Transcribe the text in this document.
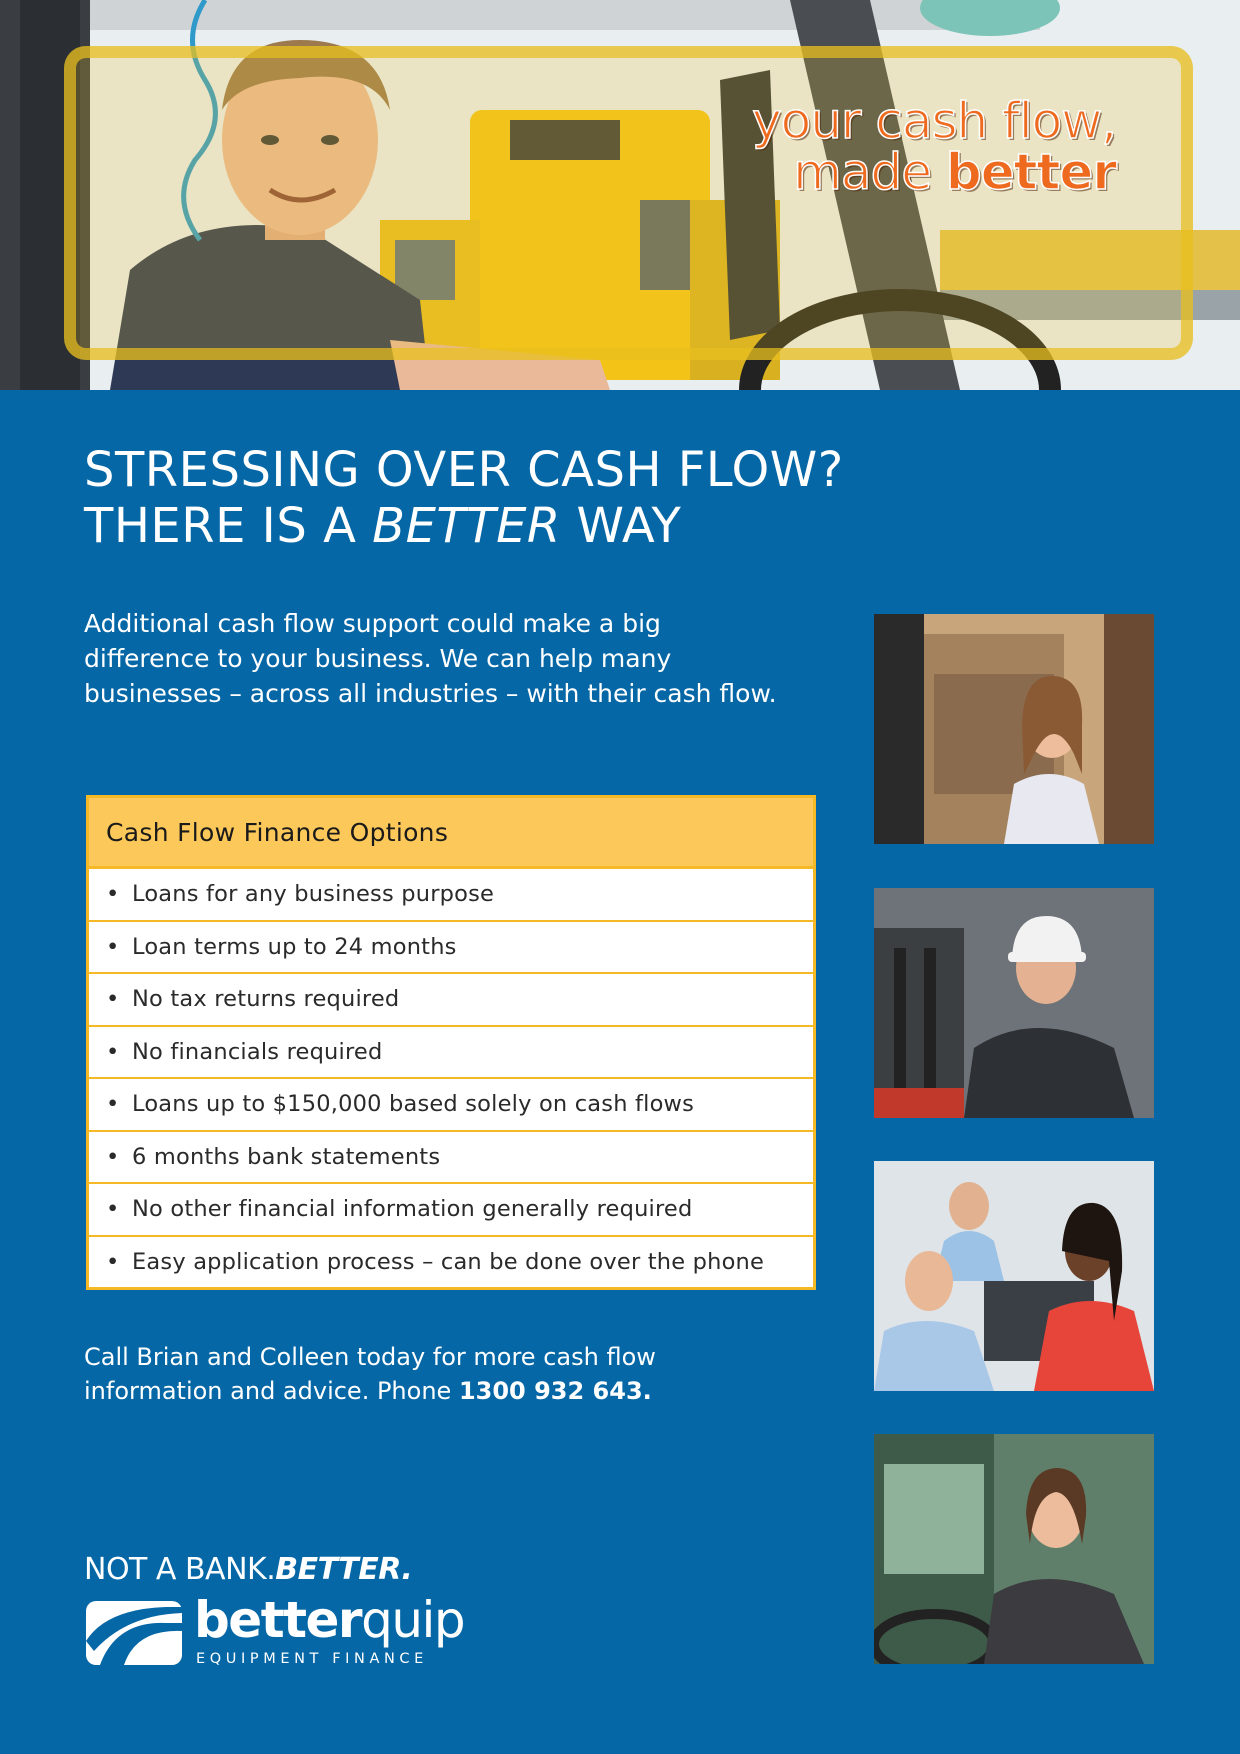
your cash flow,
made better
STRESSING OVER CASH FLOW?
THERE IS A BETTER WAY

Additional cash flow support could make a big difference to your business. We can help many businesses – across all industries – with their cash flow.

Cash Flow Finance Options
• Loans for any business purpose
• Loan terms up to 24 months
• No tax returns required
• No financials required
• Loans up to $150,000 based solely on cash flows
• 6 months bank statements
• No other financial information generally required
• Easy application process – can be done over the phone

Call Brian and Colleen today for more cash flow information and advice. Phone 1300 932 643.

NOT A BANK.BETTER.
betterquip
EQUIPMENT FINANCE
